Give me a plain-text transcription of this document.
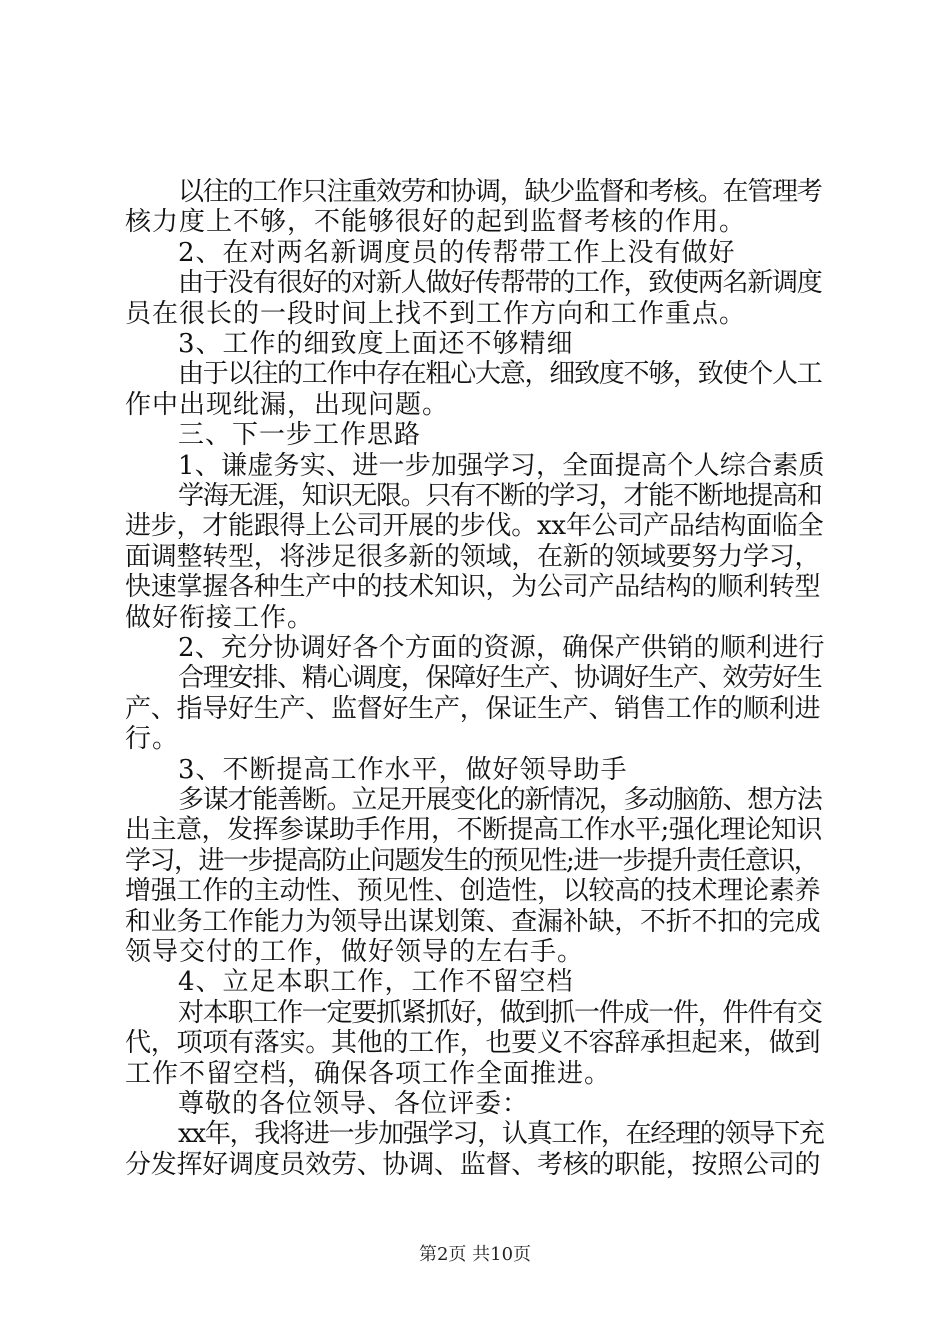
以往的工作只注重效劳和协调，缺少监督和考核。在管理考
核力度上不够，不能够很好的起到监督考核的作用。
2、在对两名新调度员的传帮带工作上没有做好
由于没有很好的对新人做好传帮带的工作，致使两名新调度
员在很长的一段时间上找不到工作方向和工作重点。
3、工作的细致度上面还不够精细
由于以往的工作中存在粗心大意，细致度不够，致使个人工
作中出现纰漏，出现问题。
三、下一步工作思路
1、谦虚务实、进一步加强学习，全面提高个人综合素质
学海无涯，知识无限。只有不断的学习，才能不断地提高和
进步，才能跟得上公司开展的步伐。xx年公司产品结构面临全
面调整转型，将涉足很多新的领域，在新的领域要努力学习，
快速掌握各种生产中的技术知识，为公司产品结构的顺利转型
做好衔接工作。
2、充分协调好各个方面的资源，确保产供销的顺利进行
合理安排、精心调度，保障好生产、协调好生产、效劳好生
产、指导好生产、监督好生产，保证生产、销售工作的顺利进
行。
3、不断提高工作水平，做好领导助手
多谋才能善断。立足开展变化的新情况，多动脑筋、想方法
出主意，发挥参谋助手作用，不断提高工作水平;强化理论知识
学习，进一步提高防止问题发生的预见性;进一步提升责任意识，
增强工作的主动性、预见性、创造性，以较高的技术理论素养
和业务工作能力为领导出谋划策、查漏补缺，不折不扣的完成
领导交付的工作，做好领导的左右手。
4、立足本职工作，工作不留空档
对本职工作一定要抓紧抓好，做到抓一件成一件，件件有交
代，项项有落实。其他的工作，也要义不容辞承担起来，做到
工作不留空档，确保各项工作全面推进。
尊敬的各位领导、各位评委：
xx年，我将进一步加强学习，认真工作，在经理的领导下充
分发挥好调度员效劳、协调、监督、考核的职能，按照公司的
第2页 共10页
